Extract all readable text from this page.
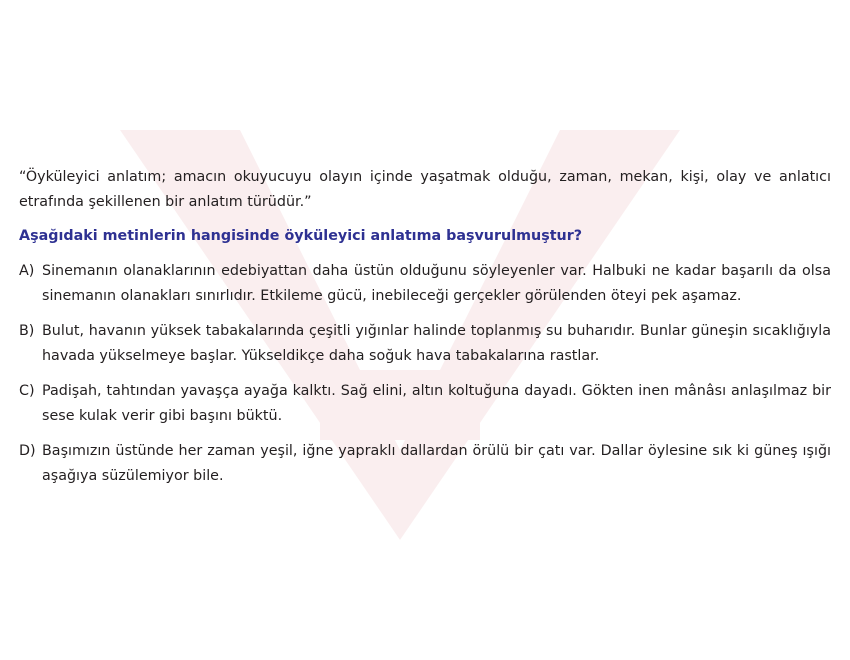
“Öyküleyici anlatım; amacın okuyucuyu olayın içinde yaşatmak olduğu, zaman, mekan, kişi, olay ve anlatıcı etrafında şekillenen bir anlatım türüdür.”

Aşağıdaki metinlerin hangisinde öyküleyici anlatıma başvurulmuştur?

A) Sinemanın olanaklarının edebiyattan daha üstün olduğunu söyleyenler var. Halbuki ne kadar başarılı da olsa sinemanın olanakları sınırlıdır. Etkileme gücü, inebileceği gerçekler görülenden öteyi pek aşamaz.
B) Bulut, havanın yüksek tabakalarında çeşitli yığınlar halinde toplanmış su buharıdır. Bunlar güneşin sıcaklığıyla havada yükselmeye başlar. Yükseldikçe daha soğuk hava tabakalarına rastlar.
C) Padişah, tahtından yavaşça ayağa kalktı. Sağ elini, altın koltuğuna dayadı. Gökten inen mânâsı anlaşılmaz bir sese kulak verir gibi başını büktü.
D) Başımızın üstünde her zaman yeşil, iğne yapraklı dallardan örülü bir çatı var. Dallar öylesine sık ki güneş ışığı aşağıya süzülemiyor bile.
